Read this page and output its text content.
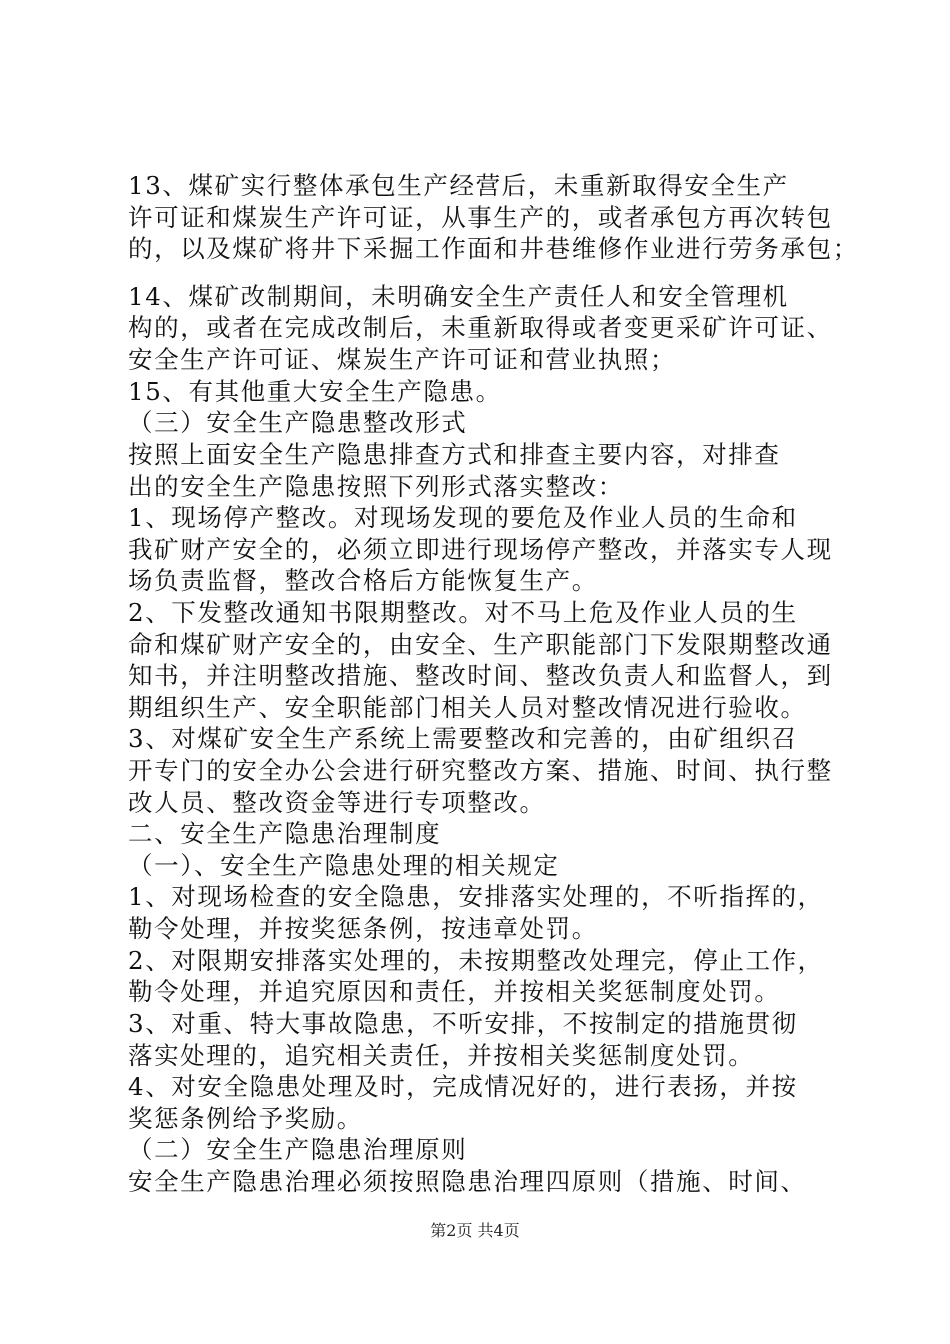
13、煤矿实行整体承包生产经营后，未重新取得安全生产
许可证和煤炭生产许可证，从事生产的，或者承包方再次转包
的，以及煤矿将井下采掘工作面和井巷维修作业进行劳务承包；
14、煤矿改制期间，未明确安全生产责任人和安全管理机
构的，或者在完成改制后，未重新取得或者变更采矿许可证、
安全生产许可证、煤炭生产许可证和营业执照；
15、有其他重大安全生产隐患。
（三）安全生产隐患整改形式
按照上面安全生产隐患排查方式和排查主要内容，对排查
出的安全生产隐患按照下列形式落实整改：
1、现场停产整改。对现场发现的要危及作业人员的生命和
我矿财产安全的，必须立即进行现场停产整改，并落实专人现
场负责监督，整改合格后方能恢复生产。
2、下发整改通知书限期整改。对不马上危及作业人员的生
命和煤矿财产安全的，由安全、生产职能部门下发限期整改通
知书，并注明整改措施、整改时间、整改负责人和监督人，到
期组织生产、安全职能部门相关人员对整改情况进行验收。
3、对煤矿安全生产系统上需要整改和完善的，由矿组织召
开专门的安全办公会进行研究整改方案、措施、时间、执行整
改人员、整改资金等进行专项整改。
二、安全生产隐患治理制度
（一）、安全生产隐患处理的相关规定
1、对现场检查的安全隐患，安排落实处理的，不听指挥的，
勒令处理，并按奖惩条例，按违章处罚。
2、对限期安排落实处理的，未按期整改处理完，停止工作，
勒令处理，并追究原因和责任，并按相关奖惩制度处罚。
3、对重、特大事故隐患，不听安排，不按制定的措施贯彻
落实处理的，追究相关责任，并按相关奖惩制度处罚。
4、对安全隐患处理及时，完成情况好的，进行表扬，并按
奖惩条例给予奖励。
（二）安全生产隐患治理原则
安全生产隐患治理必须按照隐患治理四原则（措施、时间、
第2页 共4页
